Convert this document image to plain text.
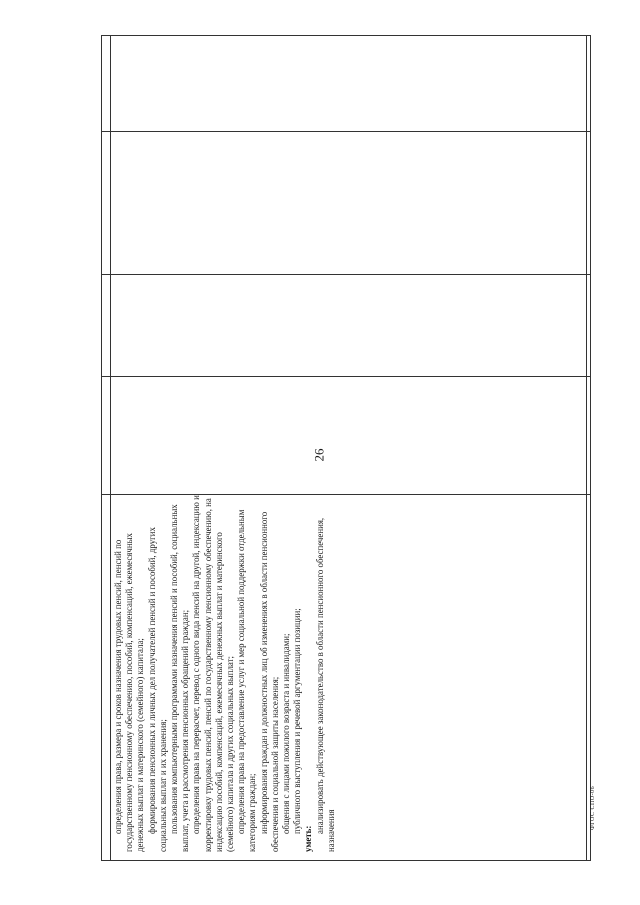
26

определения права, размера и сроков назначения трудовых пенсий, пенсий по государственному пенсионному обеспечению, пособий, компенсаций, ежемесячных денежных выплат и материнского (семейного) капитала; формирования пенсионных и личных дел получателей пенсий и пособий, других социальных выплат и их хранения; пользования компьютерными программами назначения пенсий и пособий, социальных выплат, учета и рассмотрения пенсионных обращений граждан; определения права на перерасчет, перевод с одного вида пенсий на другой, индексацию и корректировку трудовых пенсий, пенсий по государственному пенсионному обеспечению, на индексацию пособий, компенсаций, ежемесячных денежных выплат и материнского (семейного) капитала и других социальных выплат; определения права на предоставление услуг и мер социальной поддержки отдельным категориям граждан; информирования граждан и должностных лиц об изменениях в области пенсионного обеспечения и социальной защиты населения; общения с лицами пожилого возраста и инвалидами; публичного выступления и речевой аргументации позиции;

уметь:

анализировать действующее законодательство в области пенсионного обеспечения, назначения

ФГОС СПО-06
